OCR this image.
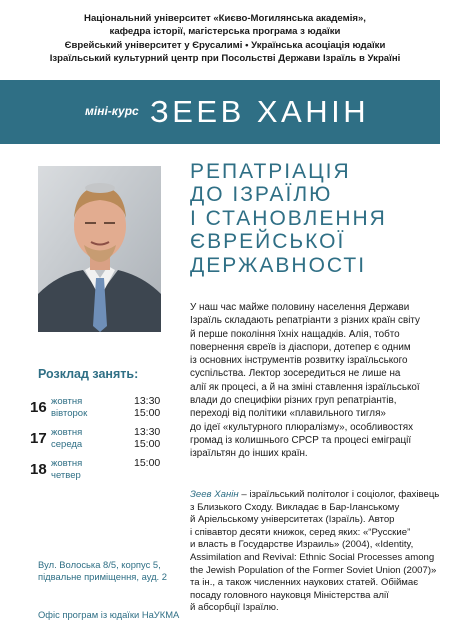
Національний університет «Києво-Могилянська академія»,
кафедра історії, магістерська програма з юдаїки
Єврейський університет у Єрусалимі • Українська асоціація юдаїки
Ізраїльський культурний центр при Посольстві Держави Ізраїль в Україні
міні-курс ЗЕЕВ ХАНІН
РЕПАТРІАЦІЯ
ДО ІЗРАЇЛЮ
І СТАНОВЛЕННЯ
ЄВРЕЙСЬКОЇ
ДЕРЖАВНОСТІ
У наш час майже половину населення Держави
Ізраїль складають репатріанти з різних країн світу
й перше покоління їхніх нащадків. Алія, тобто
повернення євреїв із діаспори, дотепер є одним
із основних інструментів розвитку ізраїльського
суспільства. Лектор зосередиться не лише на
алії як процесі, а й на зміні ставлення ізраїльської
влади до специфіки різних груп репатріантів,
переході від політики «плавильного тигля»
до ідеї «культурного плюралізму», особливостях
громад із колишнього СРСР та процесі еміграції
ізраїльтян до інших країн.
Розклад занять:
16 жовтня
вівторок
13:30
15:00
17 жовтня
середа
13:30
15:00
18 жовтня
четвер
15:00
Зеев Ханін – ізраїльський політолог і соціолог, фахівець
з Близького Сходу. Викладає в Бар-Іланському
й Аріельському університетах (Ізраїль). Автор
і співавтор десяти книжок, серед яких: «“Русские”
и власть в Государстве Израиль» (2004), «Identity,
Assimilation and Revival: Ethnic Social Processes among
the Jewish Population of the Former Soviet Union (2007)»
та ін., а також численних наукових статей. Обіймає
посаду головного науковця Міністерства алії
й абсорбції Ізраїлю.
Вул. Волоська 8/5, корпус 5,
підвальне приміщення, ауд. 2
Офіс програм із юдаїки НаУКМА
